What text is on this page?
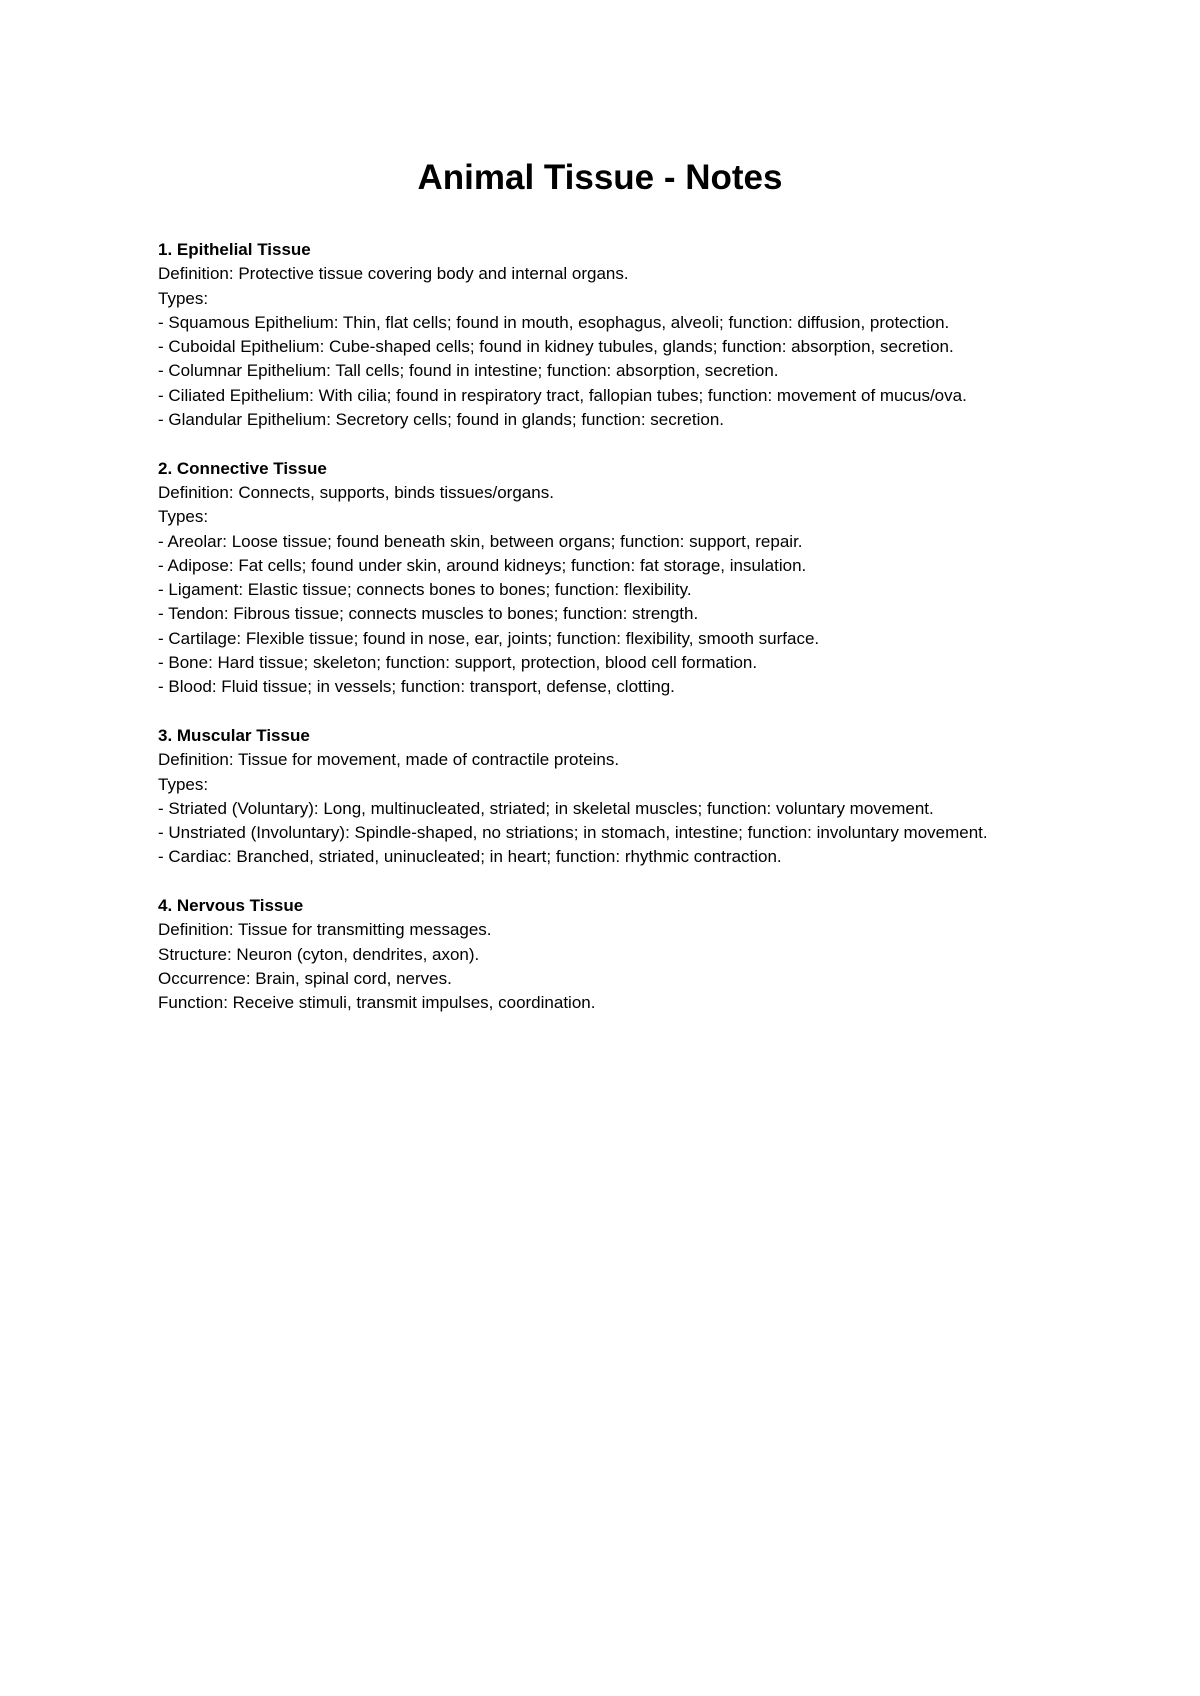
Animal Tissue - Notes

1. Epithelial Tissue

Definition: Protective tissue covering body and internal organs.

Types:

- Squamous Epithelium: Thin, flat cells; found in mouth, esophagus, alveoli; function: diffusion, protection.

- Cuboidal Epithelium: Cube-shaped cells; found in kidney tubules, glands; function: absorption, secretion.

- Columnar Epithelium: Tall cells; found in intestine; function: absorption, secretion.

- Ciliated Epithelium: With cilia; found in respiratory tract, fallopian tubes; function: movement of mucus/ova.

- Glandular Epithelium: Secretory cells; found in glands; function: secretion.

2. Connective Tissue

Definition: Connects, supports, binds tissues/organs.

Types:

- Areolar: Loose tissue; found beneath skin, between organs; function: support, repair.

- Adipose: Fat cells; found under skin, around kidneys; function: fat storage, insulation.

- Ligament: Elastic tissue; connects bones to bones; function: flexibility.

- Tendon: Fibrous tissue; connects muscles to bones; function: strength.

- Cartilage: Flexible tissue; found in nose, ear, joints; function: flexibility, smooth surface.

- Bone: Hard tissue; skeleton; function: support, protection, blood cell formation.

- Blood: Fluid tissue; in vessels; function: transport, defense, clotting.

3. Muscular Tissue

Definition: Tissue for movement, made of contractile proteins.

Types:

- Striated (Voluntary): Long, multinucleated, striated; in skeletal muscles; function: voluntary movement.

- Unstriated (Involuntary): Spindle-shaped, no striations; in stomach, intestine; function: involuntary movement.

- Cardiac: Branched, striated, uninucleated; in heart; function: rhythmic contraction.

4. Nervous Tissue

Definition: Tissue for transmitting messages.

Structure: Neuron (cyton, dendrites, axon).

Occurrence: Brain, spinal cord, nerves.

Function: Receive stimuli, transmit impulses, coordination.
